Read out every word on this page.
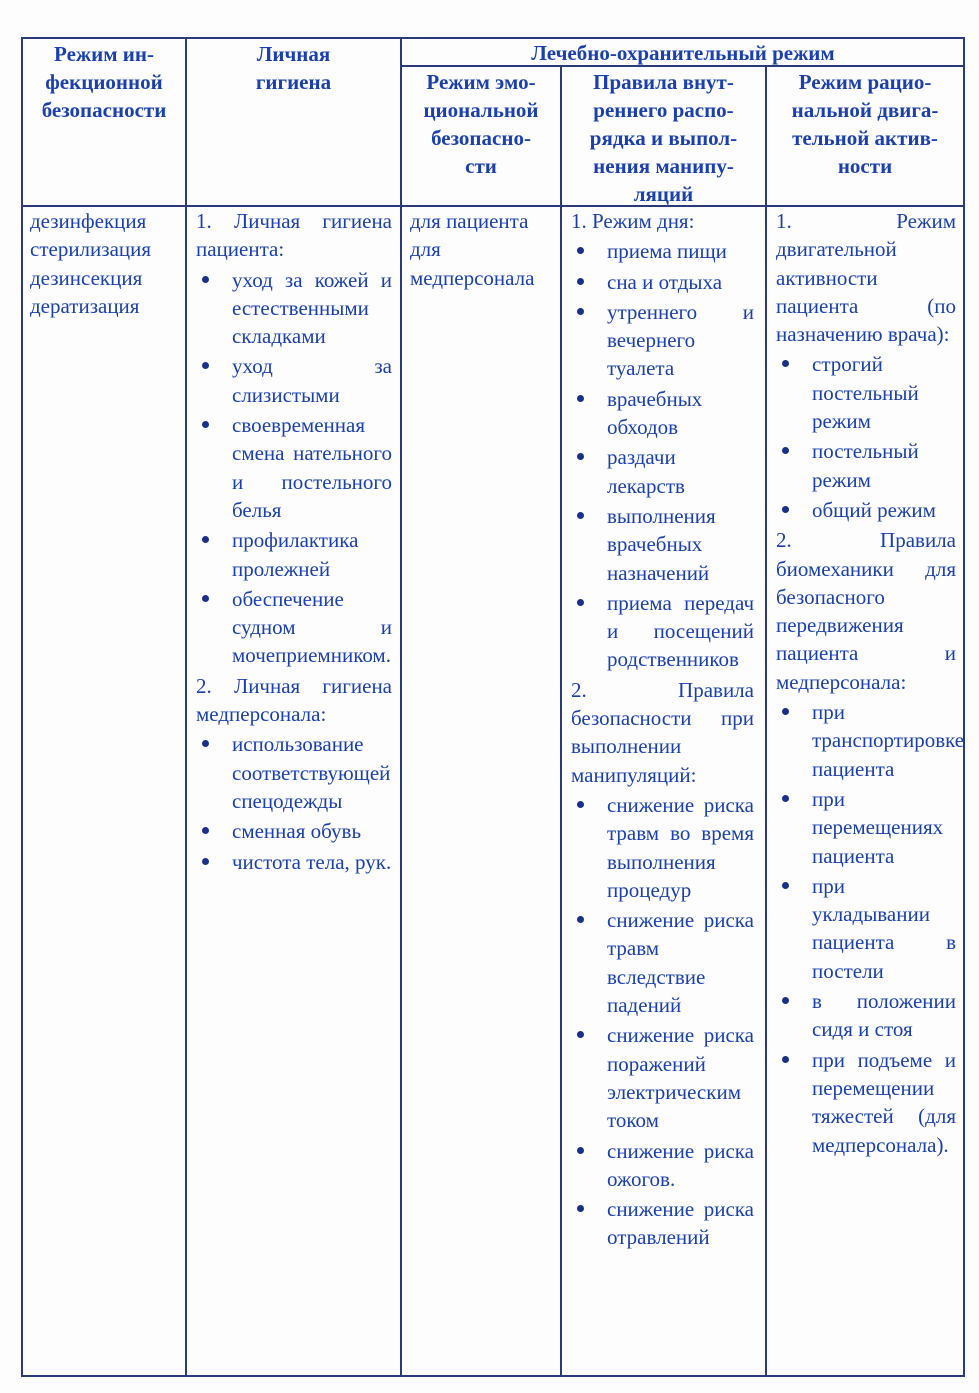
Режим ин-
фекционной
безопасности

Личная
гигиена

Лечебно-охранительный режим

Режим эмо-
циональной
безопасно-
сти

Правила внут-
реннего распо-
рядка и выпол-
нения манипу-
ляций

Режим рацио-
нальной двига-
тельной актив-
ности

дезинфекция
стерилизация
дезинсекция
дератизация
1. Личная гигиена пациента:
уход за кожей и естественными складками
уход за слизистыми
своевременная смена нательного и постельного белья
профилактика пролежней
обеспечение судном и мочеприемником.
2. Личная гигиена медперсонала:
использование соответствующей спецодежды
сменная обувь
чистота тела, рук.
для пациента
для медперсонала
1. Режим дня:
приема пищи
сна и отдыха
утреннего и вечернего туалета
врачебных обходов
раздачи лекарств
выполнения врачебных назначений
приема передач и посещений родственников
2. Правила безопасности при выполнении манипуляций:
снижение риска травм во время выполнения процедур
снижение риска травм вследствие падений
снижение риска поражений электрическим током
снижение риска ожогов.
снижение риска отравлений
1. Режим двигательной активности пациента (по назначению врача):
строгий постельный режим
постельный режим
общий режим
2. Правила биомеханики для безопасного передвижения пациента и медперсонала:
при транспортировке пациента
при перемещениях пациента
при укладывании пациента в постели
в положении сидя и стоя
при подъеме и перемещении тяжестей (для медперсонала).
